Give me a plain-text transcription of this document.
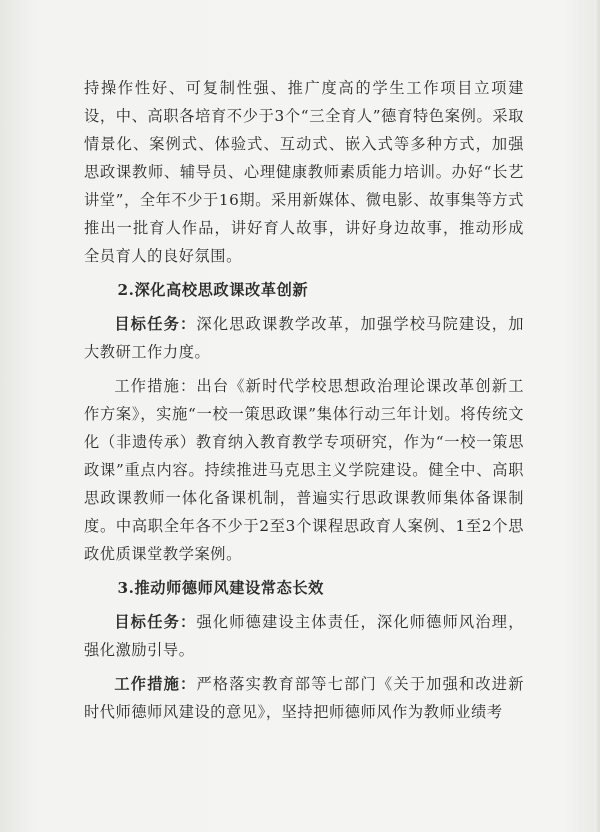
持操作性好、可复制性强、推广度高的学生工作项目立项建设，中、高职各培育不少于3个“三全育人”德育特色案例。采取情景化、案例式、体验式、互动式、嵌入式等多种方式，加强思政课教师、辅导员、心理健康教师素质能力培训。办好“长艺讲堂”，全年不少于16期。采用新媒体、微电影、故事集等方式推出一批育人作品，讲好育人故事，讲好身边故事，推动形成全员育人的良好氛围。

2.深化高校思政课改革创新

目标任务：深化思政课教学改革，加强学校马院建设，加大教研工作力度。

工作措施：出台《新时代学校思想政治理论课改革创新工作方案》，实施“一校一策思政课”集体行动三年计划。将传统文化（非遗传承）教育纳入教育教学专项研究，作为“一校一策思政课”重点内容。持续推进马克思主义学院建设。健全中、高职思政课教师一体化备课机制，普遍实行思政课教师集体备课制度。中高职全年各不少于2至3个课程思政育人案例、1至2个思政优质课堂教学案例。

3.推动师德师风建设常态长效

目标任务：强化师德建设主体责任，深化师德师风治理，强化激励引导。

工作措施：严格落实教育部等七部门《关于加强和改进新时代师德师风建设的意见》，坚持把师德师风作为教师业绩考
